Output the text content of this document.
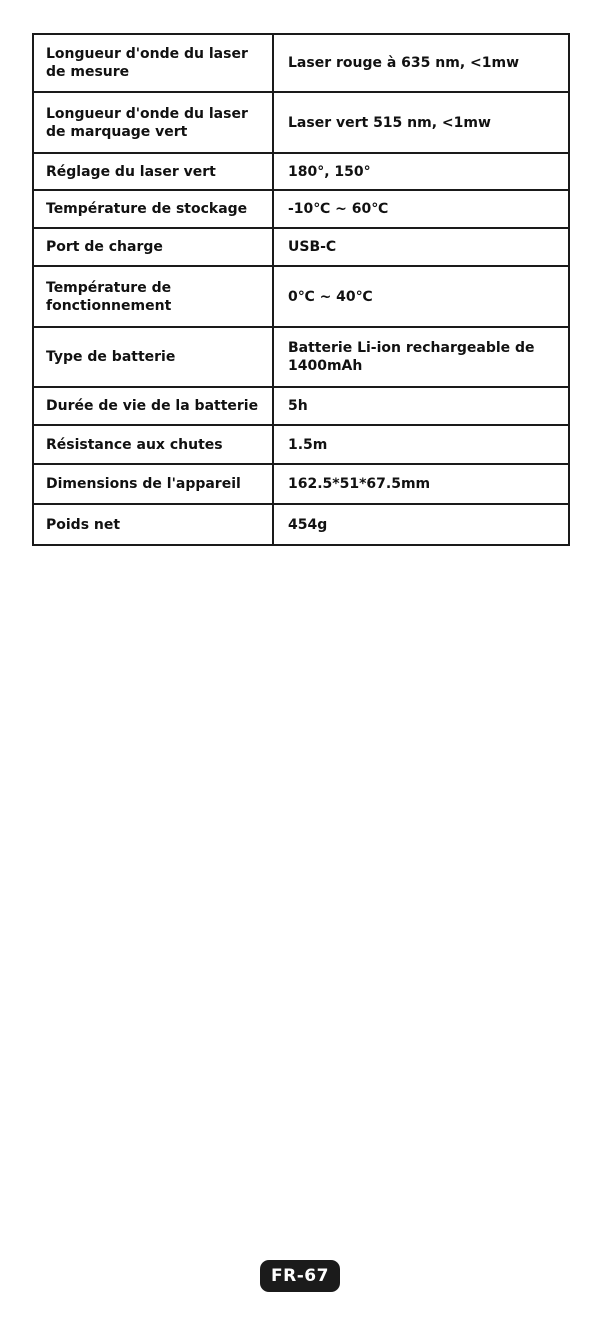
Longueur d'onde du laser de mesure	Laser rouge à 635 nm, <1mw
Longueur d'onde du laser de marquage vert	Laser vert 515 nm, <1mw
Réglage du laser vert	180°, 150°
Température de stockage	-10℃ ~ 60℃
Port de charge	USB-C
Température de fonctionnement	0℃ ~ 40℃
Type de batterie	Batterie Li-ion rechargeable de 1400mAh
Durée de vie de la batterie	5h
Résistance aux chutes	1.5m
Dimensions de l'appareil	162.5*51*67.5mm
Poids net	454g
FR-67
